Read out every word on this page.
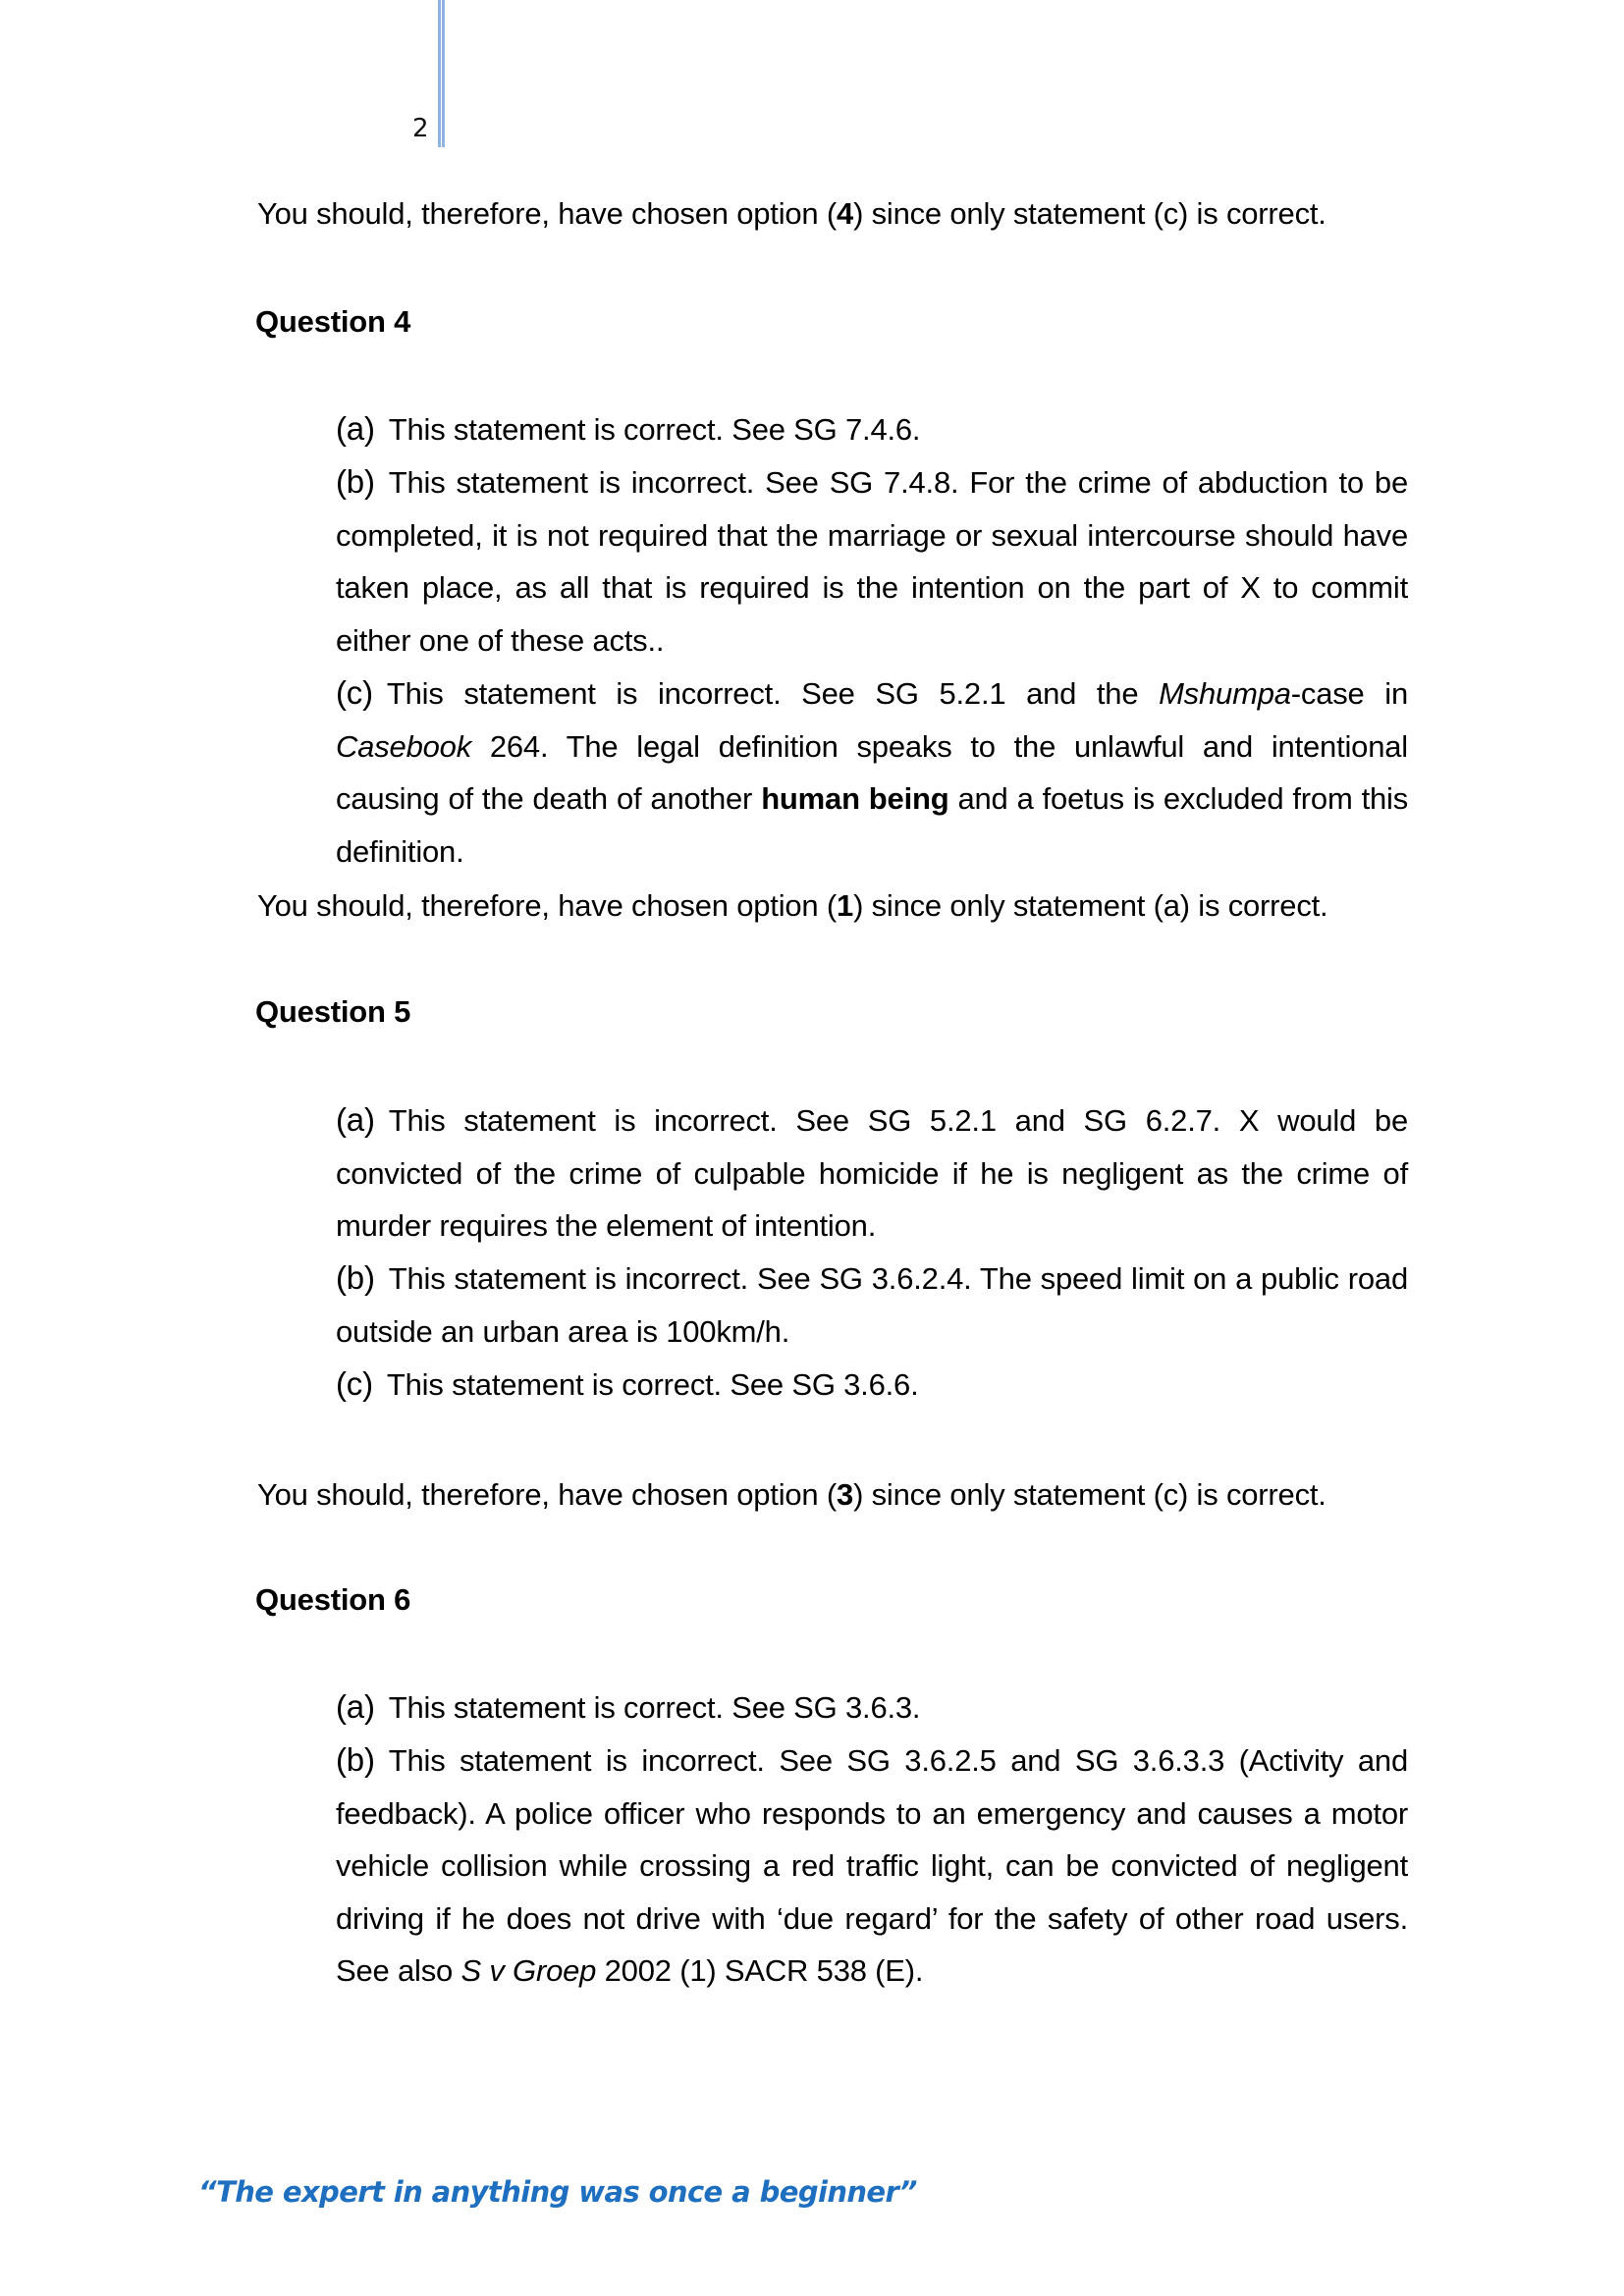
2
You should, therefore, have chosen option (4) since only statement (c) is correct.
Question 4
(a) This statement is correct. See SG 7.4.6.
(b) This statement is incorrect. See SG 7.4.8. For the crime of abduction to be completed, it is not required that the marriage or sexual intercourse should have taken place, as all that is required is the intention on the part of X to commit either one of these acts..
(c) This statement is incorrect. See SG 5.2.1 and the Mshumpa-case in Casebook 264. The legal definition speaks to the unlawful and intentional causing of the death of another human being and a foetus is excluded from this definition.
You should, therefore, have chosen option (1) since only statement (a) is correct.
Question 5
(a) This statement is incorrect. See SG 5.2.1 and SG 6.2.7. X would be convicted of the crime of culpable homicide if he is negligent as the crime of murder requires the element of intention.
(b) This statement is incorrect. See SG 3.6.2.4. The speed limit on a public road outside an urban area is 100km/h.
(c) This statement is correct. See SG 3.6.6.
You should, therefore, have chosen option (3) since only statement (c) is correct.
Question 6
(a) This statement is correct. See SG 3.6.3.
(b) This statement is incorrect. See SG 3.6.2.5 and SG 3.6.3.3 (Activity and feedback). A police officer who responds to an emergency and causes a motor vehicle collision while crossing a red traffic light, can be convicted of negligent driving if he does not drive with ‘due regard’ for the safety of other road users. See also S v Groep 2002 (1) SACR 538 (E).
“The expert in anything was once a beginner”
